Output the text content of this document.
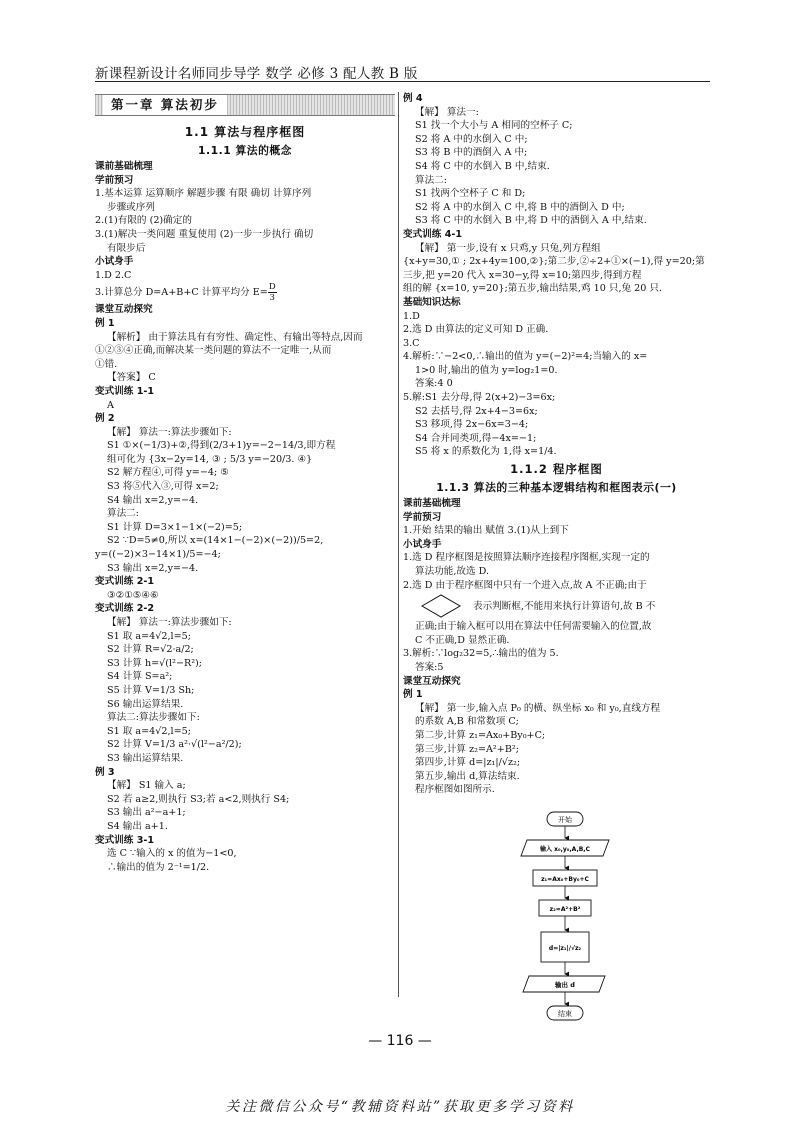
新课程新设计名师同步导学 数学 必修 3 配人教 B 版
第一章 算法初步
1.1 算法与程序框图
1.1.1 算法的概念
课前基础梳理
学前预习
1.基本运算 运算顺序 解题步骤 有限 确切 计算序列
步骤或序列
2.(1)有限的 (2)确定的
3.(1)解决一类问题 重复使用 (2)一步一步执行 确切
有限步后
小试身手
1.D 2.C
3.计算总分 D=A+B+C 计算平均分 $E= \frac{D}{3}$
课堂互动探究
例 1
【解析】 由于算法具有有穷性、确定性、有输出等特点,因而
①②③④正确,而解决某一类问题的算法不一定唯一,从而
①错.
【答案】 C
变式训练 1-1
A
例 2
【解】 算法一:算法步骤如下:
S1 ①×(−1/3)+②,得到(2/3+1)y=−2−14/3,即方程
组可化为 {3x−2y=14, ③ ; 5/3 y=−20/3. ④}
S2 解方程④,可得 y=−4; ⑤
S3 将⑤代入③,可得 x=2;
S4 输出 x=2,y=−4.
算法二:
S1 计算 D=3×1−1×(−2)=5;
S2 ∵D=5≠0,所以 x=(14×1−(−2)×(−2))/5=2,
y=((−2)×3−14×1)/5=−4;
S3 输出 x=2,y=−4.
变式训练 2-1
③②①⑤④⑥
变式训练 2-2
【解】 算法一:算法步骤如下:
S1 取 a=4√2,l=5;
S2 计算 R=√2·a/2;
S3 计算 h=√(l²−R²);
S4 计算 S=a²;
S5 计算 V=1/3 Sh;
S6 输出运算结果.
算法二:算法步骤如下:
S1 取 a=4√2,l=5;
S2 计算 V=1/3 a²·√(l²−a²/2);
S3 输出运算结果.
例 3
【解】 S1 输入 a;
S2 若 a≥2,则执行 S3;若 a<2,则执行 S4;
S3 输出 a²−a+1;
S4 输出 a+1.
变式训练 3-1
选 C ∵输入的 x 的值为−1<0,
∴输出的值为 2⁻¹=1/2.
例 4
【解】 算法一:
S1 找一个大小与 A 相同的空杯子 C;
S2 将 A 中的水倒入 C 中;
S3 将 B 中的酒倒入 A 中;
S4 将 C 中的水倒入 B 中,结束.
算法二:
S1 找两个空杯子 C 和 D;
S2 将 A 中的水倒入 C 中,将 B 中的酒倒入 D 中;
S3 将 C 中的水倒入 B 中,将 D 中的酒倒入 A 中,结束.
变式训练 4-1
【解】 第一步,设有 x 只鸡,y 只兔,列方程组
{x+y=30,① ; 2x+4y=100,②};第二步,②÷2+①×(−1),得 y=20;第
三步,把 y=20 代入 x=30−y,得 x=10;第四步,得到方程
组的解 {x=10, y=20};第五步,输出结果,鸡 10 只,兔 20 只.
基础知识达标
1.D
2.选 D 由算法的定义可知 D 正确.
3.C
4.解析:∵−2<0,∴输出的值为 y=(−2)²=4;当输入的 x=
1>0 时,输出的值为 y=log₂1=0.
答案:4 0
5.解:S1 去分母,得 2(x+2)−3=6x;
S2 去括号,得 2x+4−3=6x;
S3 移项,得 2x−6x=3−4;
S4 合并同类项,得−4x=−1;
S5 将 x 的系数化为 1,得 x=1/4.
1.1.2 程序框图
1.1.3 算法的三种基本逻辑结构和框图表示(一)
课前基础梳理
学前预习
1.开始 结果的输出 赋值 3.(1)从上到下
小试身手
1.选 D 程序框图是按照算法顺序连接程序图框,实现一定的
算法功能,故选 D.
2.选 D 由于程序框图中只有一个进入点,故 A 不正确;由于
表示判断框,不能用来执行计算语句,故 B 不
正确;由于输入框可以用在算法中任何需要输入的位置,故
C 不正确,D 显然正确.
3.解析:∵log₂32=5,∴输出的值为 5.
答案:5
课堂互动探究
例 1
【解】 第一步,输入点 P₀ 的横、纵坐标 x₀ 和 y₀,直线方程
的系数 A,B 和常数项 C;
第二步,计算 z₁=Ax₀+By₀+C;
第三步,计算 z₂=A²+B²;
第四步,计算 d=|z₁|/√z₂;
第五步,输出 d,算法结束.
程序框图如图所示.
开始
输入 x₀,y₀,A,B,C
z₁=Ax₀+By₀+C
z₂=A²+B²
d=|z₁|/√z₂
输出 d
结束
— 116 —
关注微信公众号“教辅资料站”获取更多学习资料
